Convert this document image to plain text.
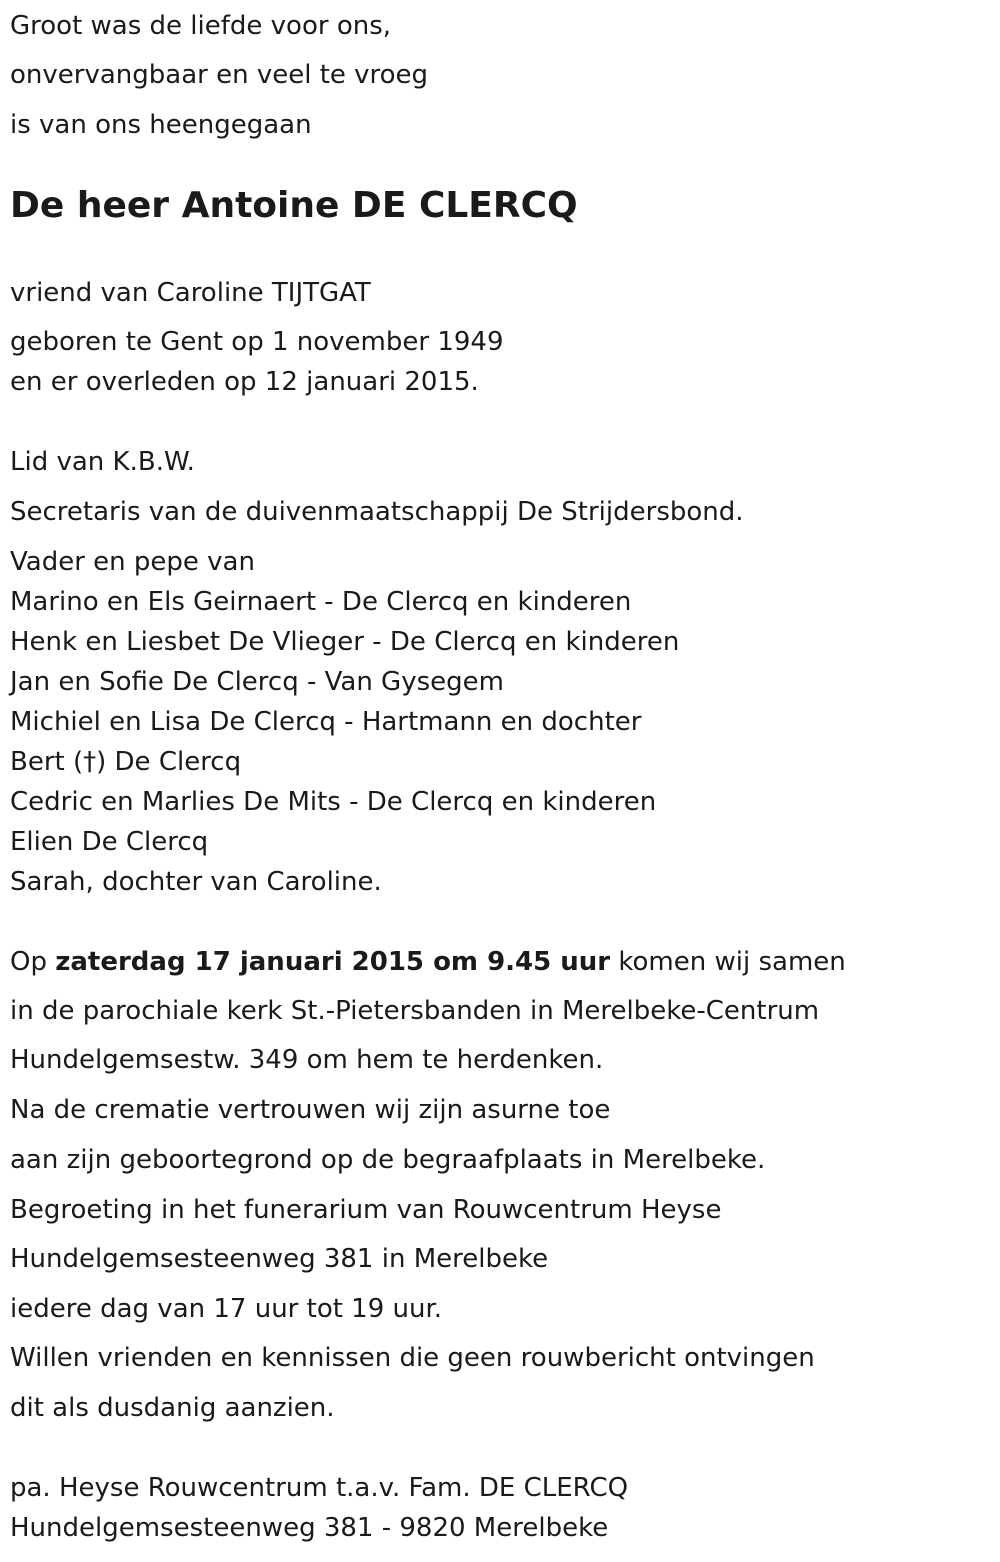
Groot was de liefde voor ons,

onvervangbaar en veel te vroeg

is van ons heengegaan

De heer Antoine DE CLERCQ

vriend van Caroline TIJTGAT

geboren te Gent op 1 november 1949

en er overleden op 12 januari 2015.

Lid van K.B.W.

Secretaris van de duivenmaatschappij De Strijdersbond.

Vader en pepe van

Marino en Els Geirnaert - De Clercq en kinderen

Henk en Liesbet De Vlieger - De Clercq en kinderen

Jan en Sofie De Clercq - Van Gysegem

Michiel en Lisa De Clercq - Hartmann en dochter

Bert (†) De Clercq

Cedric en Marlies De Mits - De Clercq en kinderen

Elien De Clercq

Sarah, dochter van Caroline.

Op zaterdag 17 januari 2015 om 9.45 uur komen wij samen

in de parochiale kerk St.-Pietersbanden in Merelbeke-Centrum

Hundelgemsestw. 349 om hem te herdenken.

Na de crematie vertrouwen wij zijn asurne toe

aan zijn geboortegrond op de begraafplaats in Merelbeke.

Begroeting in het funerarium van Rouwcentrum Heyse

Hundelgemsesteenweg 381 in Merelbeke

iedere dag van 17 uur tot 19 uur.

Willen vrienden en kennissen die geen rouwbericht ontvingen

dit als dusdanig aanzien.

pa. Heyse Rouwcentrum t.a.v. Fam. DE CLERCQ

Hundelgemsesteenweg 381 - 9820 Merelbeke
